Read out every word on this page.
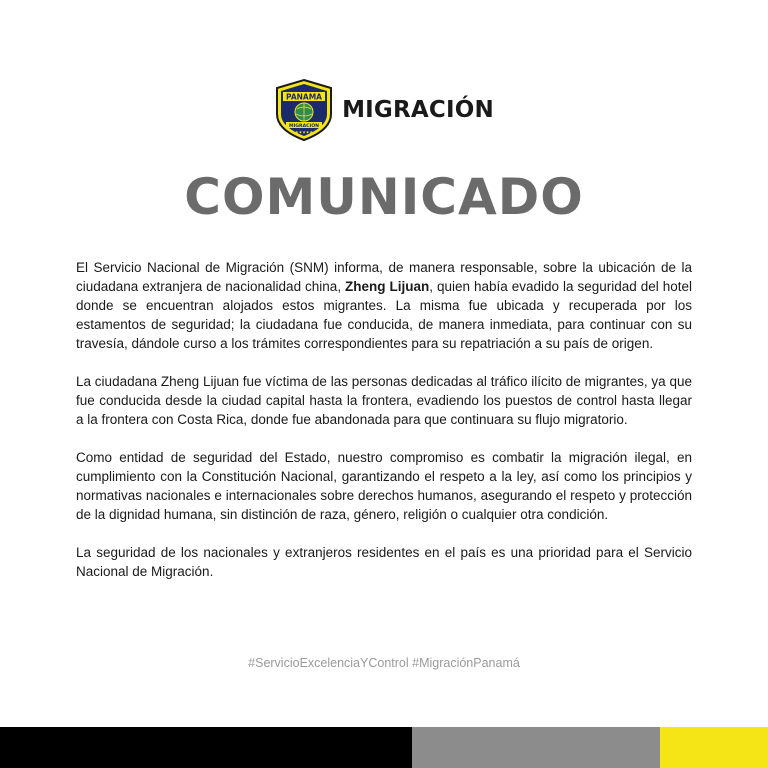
PANAMA
MIGRACIÓN
★★★★★
MIGRACIÓN
COMUNICADO

El Servicio Nacional de Migración (SNM) informa, de manera responsable, sobre la ubicación de la ciudadana extranjera de nacionalidad china, Zheng Lijuan, quien había evadido la seguridad del hotel donde se encuentran alojados estos migrantes. La misma fue ubicada y recuperada por los estamentos de seguridad; la ciudadana fue conducida, de manera inmediata, para continuar con su travesía, dándole curso a los trámites correspondientes para su repatriación a su país de origen.

La ciudadana Zheng Lijuan fue víctima de las personas dedicadas al tráfico ilícito de migrantes, ya que fue conducida desde la ciudad capital hasta la frontera, evadiendo los puestos de control hasta llegar a la frontera con Costa Rica, donde fue abandonada para que continuara su flujo migratorio.

Como entidad de seguridad del Estado, nuestro compromiso es combatir la migración ilegal, en cumplimiento con la Constitución Nacional, garantizando el respeto a la ley, así como los principios y normativas nacionales e internacionales sobre derechos humanos, asegurando el respeto y protección de la dignidad humana, sin distinción de raza, género, religión o cualquier otra condición.

La seguridad de los nacionales y extranjeros residentes en el país es una prioridad para el Servicio Nacional de Migración.

#ServicioExcelenciaYControl #MigraciónPanamá
